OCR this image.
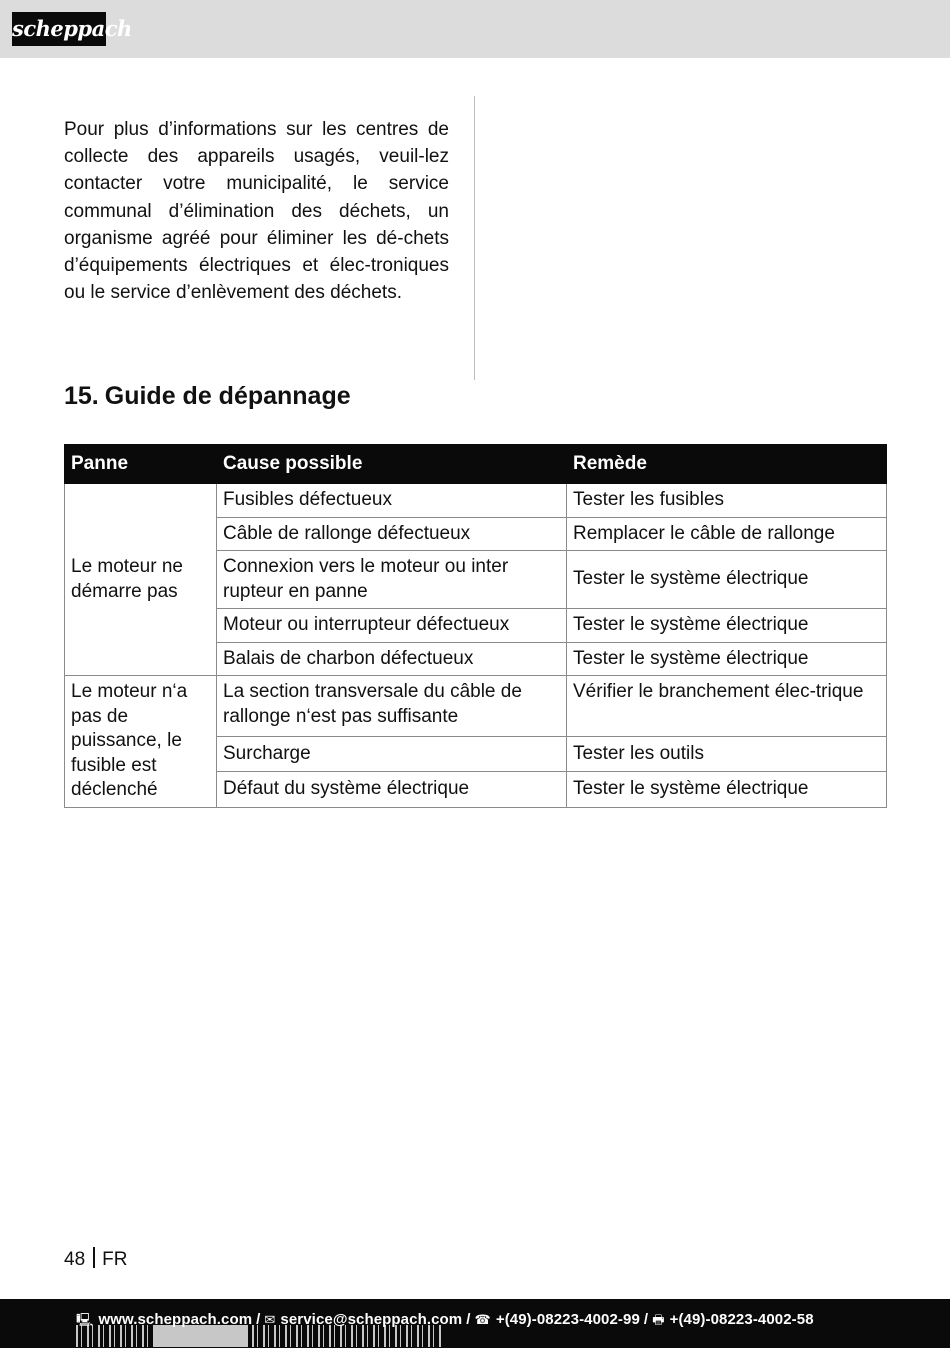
scheppach

Pour plus d’informations sur les centres de collecte des appareils usagés, veuil-lez contacter votre municipalité, le service communal d’élimination des déchets, un organisme agréé pour éliminer les dé-chets d’équipements électriques et élec-troniques ou le service d’enlèvement des déchets.

15. Guide de dépannage
Panne	Cause possible	Remède
Le moteur ne démarre pas	Fusibles défectueux	Tester les fusibles
	Câble de rallonge défectueux	Remplacer le câble de rallonge
	Connexion vers le moteur ou inter rupteur en panne	Tester le système électrique
	Moteur ou interrupteur défectueux	Tester le système électrique
	Balais de charbon défectueux	Tester le système électrique
Le moteur n‘a pas de puissance, le fusible est déclenché	La section transversale du câble de rallonge n‘est pas suffisante	Vérifier le branchement élec-trique
	Surcharge	Tester les outils
	Défaut du système électrique	Tester le système électrique
48 FR
🖳 www.scheppach.com / ✉ service@scheppach.com / ☎ +(49)-08223-4002-99 / 🖶 +(49)-08223-4002-58
